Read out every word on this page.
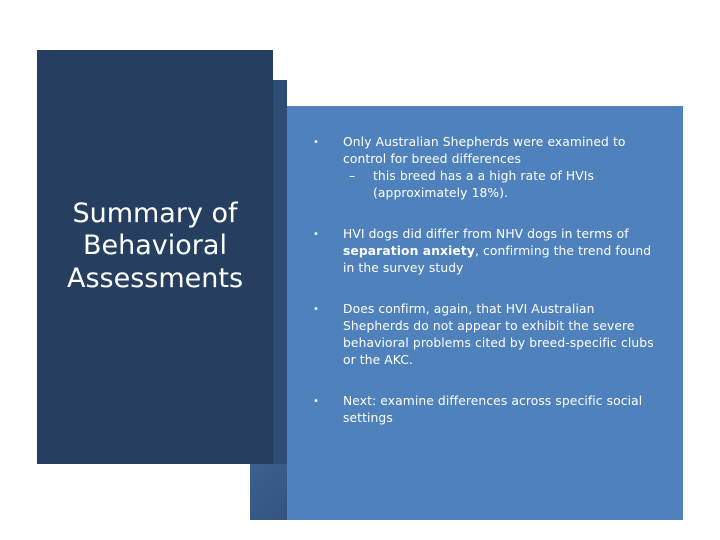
Summary of
Behavioral
Assessments
•	Only Australian Shepherds were examined to control for breed differences
– this breed has a a high rate of HVIs (approximately 18%).
•	HVI dogs did differ from NHV dogs in terms of separation anxiety, confirming the trend found in the survey study
•	Does confirm, again, that HVI Australian Shepherds do not appear to exhibit the severe behavioral problems cited by breed-specific clubs or the AKC.
•	Next: examine differences across specific social settings
